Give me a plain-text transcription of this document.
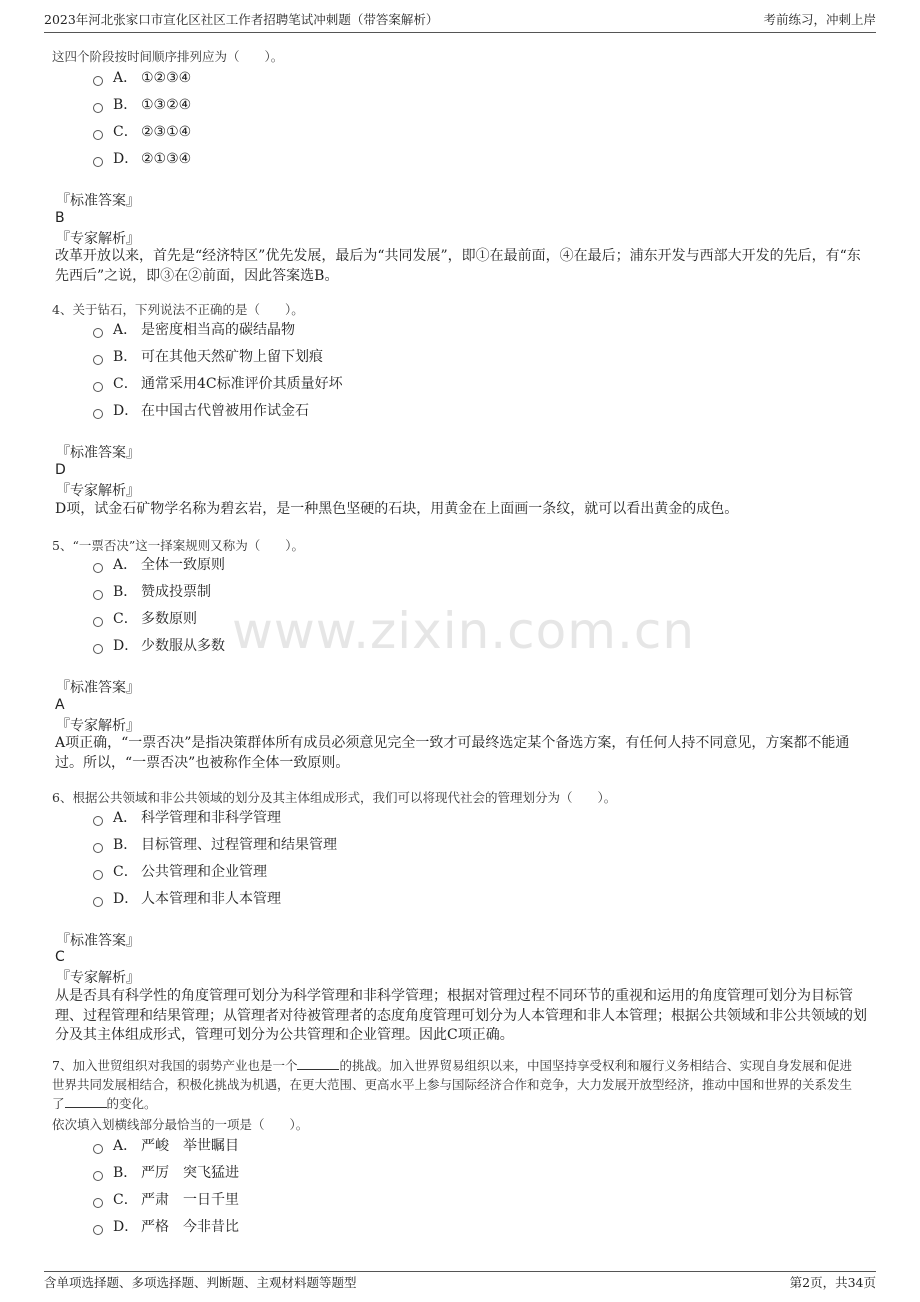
2023年河北张家口市宣化区社区工作者招聘笔试冲刺题（带答案解析）	考前练习，冲刺上岸
www.zixin.com.cn
这四个阶段按时间顺序排列应为（　　）。
A． ①②③④
B． ①③②④
C． ②③①④
D． ②①③④
『标准答案』
B
『专家解析』
改革开放以来，首先是“经济特区”优先发展，最后为“共同发展”，即①在最前面，④在最后；浦东开发与西部大开发的先后，有“东先西后”之说，即③在②前面，因此答案选B。
4、关于钻石，下列说法不正确的是（　　）。
A． 是密度相当高的碳结晶物
B． 可在其他天然矿物上留下划痕
C． 通常采用4C标准评价其质量好坏
D． 在中国古代曾被用作试金石
『标准答案』
D
『专家解析』
D项，试金石矿物学名称为碧玄岩，是一种黑色坚硬的石块，用黄金在上面画一条纹，就可以看出黄金的成色。
5、“一票否决”这一择案规则又称为（　　）。
A． 全体一致原则
B． 赞成投票制
C． 多数原则
D． 少数服从多数
『标准答案』
A
『专家解析』
A项正确，“一票否决”是指决策群体所有成员必须意见完全一致才可最终选定某个备选方案，有任何人持不同意见，方案都不能通过。所以，“一票否决”也被称作全体一致原则。
6、根据公共领域和非公共领域的划分及其主体组成形式，我们可以将现代社会的管理划分为（　　）。
A． 科学管理和非科学管理
B． 目标管理、过程管理和结果管理
C． 公共管理和企业管理
D． 人本管理和非人本管理
『标准答案』
C
『专家解析』
从是否具有科学性的角度管理可划分为科学管理和非科学管理；根据对管理过程不同环节的重视和运用的角度管理可划分为目标管理、过程管理和结果管理；从管理者对待被管理者的态度角度管理可划分为人本管理和非人本管理；根据公共领域和非公共领域的划分及其主体组成形式，管理可划分为公共管理和企业管理。因此C项正确。
7、加入世贸组织对我国的弱势产业也是一个	的挑战。加入世界贸易组织以来，中国坚持享受权利和履行义务相结合、实现自身发展和促进世界共同发展相结合，积极化挑战为机遇，在更大范围、更高水平上参与国际经济合作和竞争，大力发展开放型经济，推动中国和世界的关系发生了	的变化。
依次填入划横线部分最恰当的一项是（　　）。
A． 严峻　举世瞩目
B． 严厉　突飞猛进
C． 严肃　一日千里
D． 严格　今非昔比
含单项选择题、多项选择题、判断题、主观材料题等题型	第2页，共34页
